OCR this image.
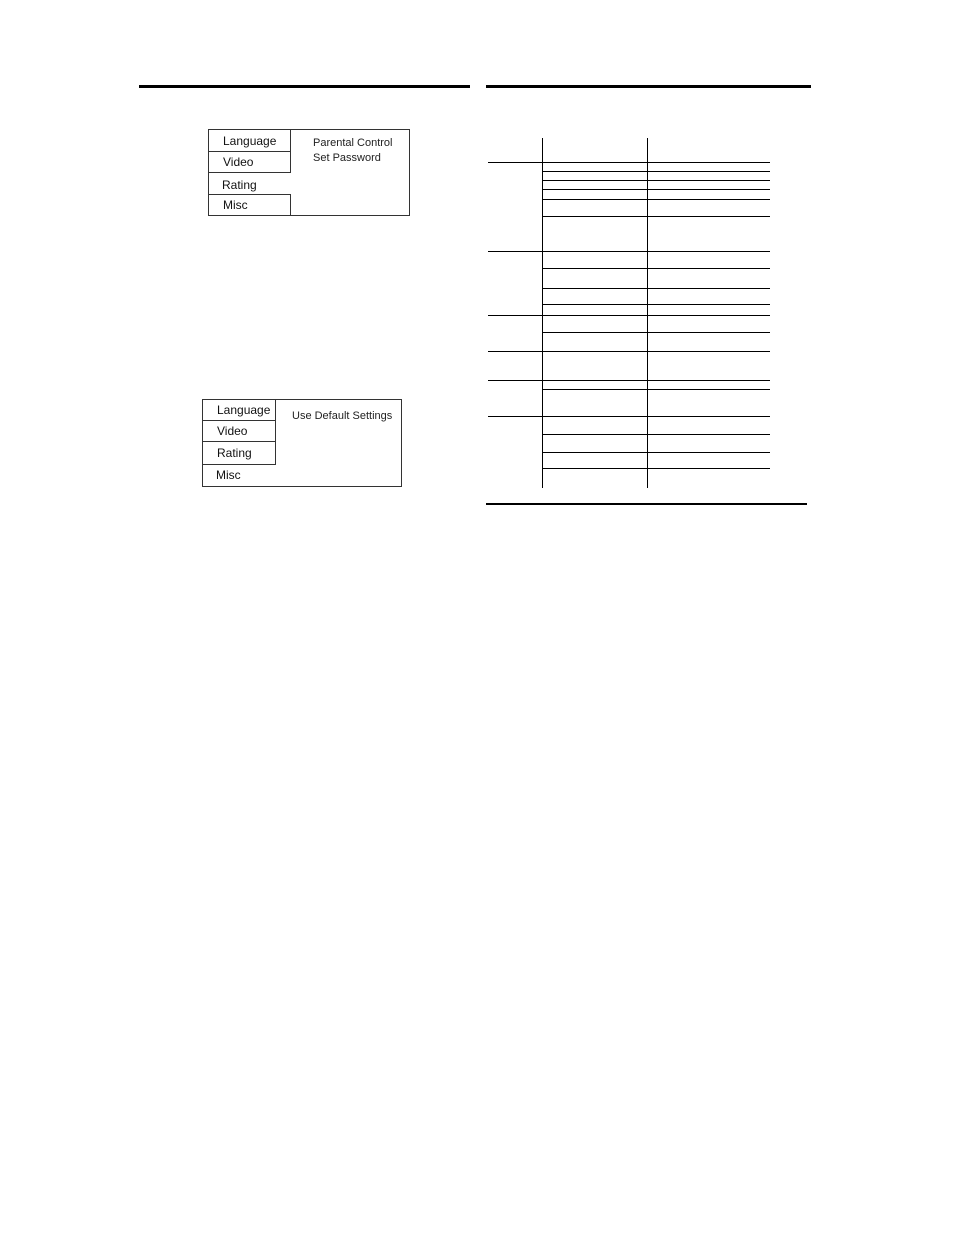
Language
Video
Rating
Misc
Parental Control
Set Password
Language
Video
Rating
Misc
Use Default Settings
